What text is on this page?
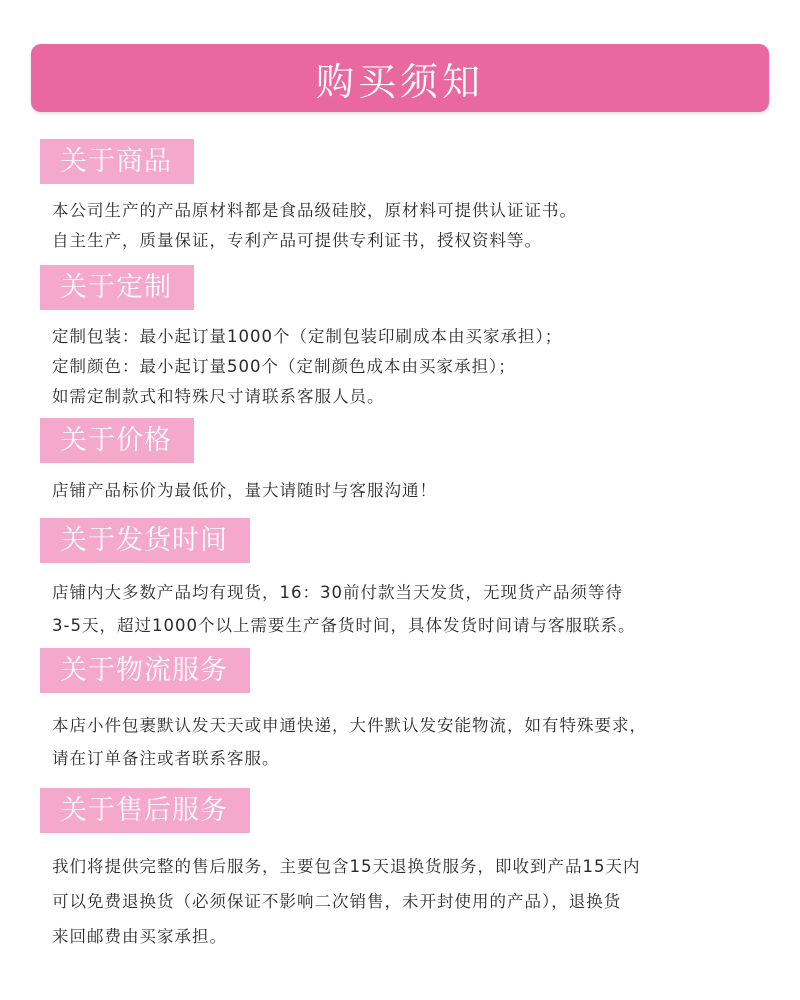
购买须知
关于商品
本公司生产的产品原材料都是食品级硅胶，原材料可提供认证证书。
自主生产，质量保证，专利产品可提供专利证书，授权资料等。
关于定制
定制包装：最小起订量1000个（定制包装印刷成本由买家承担）；
定制颜色：最小起订量500个（定制颜色成本由买家承担）；
如需定制款式和特殊尺寸请联系客服人员。
关于价格
店铺产品标价为最低价，量大请随时与客服沟通！
关于发货时间
店铺内大多数产品均有现货，16：30前付款当天发货，无现货产品须等待
3-5天，超过1000个以上需要生产备货时间，具体发货时间请与客服联系。
关于物流服务
本店小件包裹默认发天天或申通快递，大件默认发安能物流，如有特殊要求，
请在订单备注或者联系客服。
关于售后服务
我们将提供完整的售后服务，主要包含15天退换货服务，即收到产品15天内
可以免费退换货（必须保证不影响二次销售，未开封使用的产品），退换货
来回邮费由买家承担。
